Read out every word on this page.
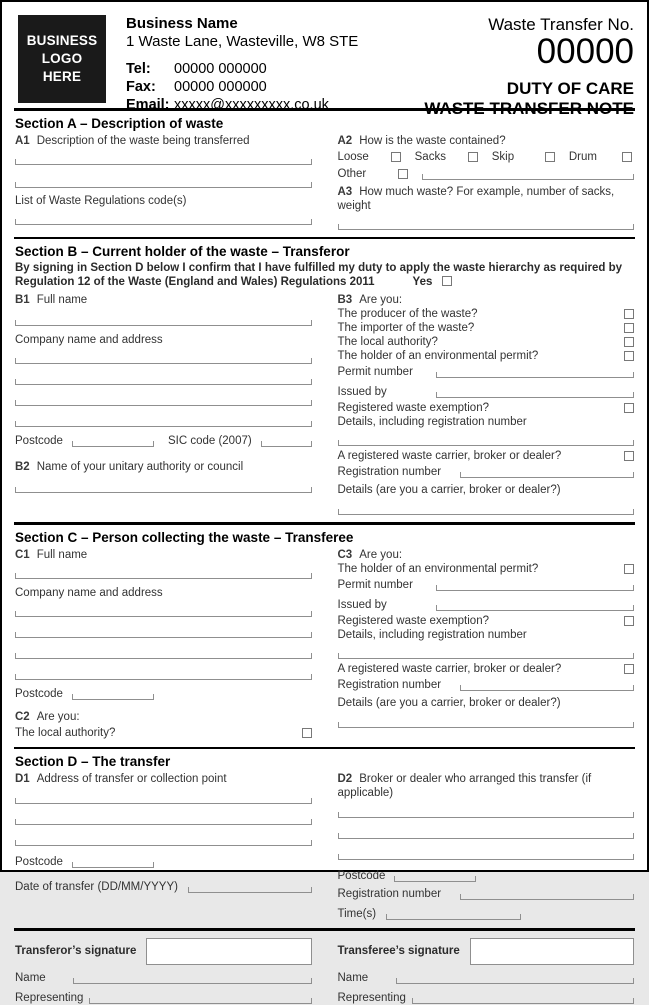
BUSINESS
LOGO
HERE
Business Name
1 Waste Lane, Wasteville, W8 STE
Tel:	00000 000000
Fax:	00000 000000
Email: xxxxx@xxxxxxxxx.co.uk
Waste Transfer No.
00000
DUTY OF CARE
WASTE TRANSFER NOTE
Section A – Description of waste
A1 Description of the waste being transferred
List of Waste Regulations code(s)
A2 How is the waste contained?
Loose	Sacks	Skip	Drum
Other
A3 How much waste? For example, number of sacks, weight
Section B – Current holder of the waste – Transferor
By signing in Section D below I confirm that I have fulfilled my duty to apply the waste hierarchy as required by Regulation 12 of the Waste (England and Wales) Regulations 2011	Yes
B1 Full name
Company name and address
Postcode	SIC code (2007)
B2 Name of your unitary authority or council
B3 Are you:
The producer of the waste?
The importer of the waste?
The local authority?
The holder of an environmental permit?
Permit number
Issued by
Registered waste exemption?
Details, including registration number
A registered waste carrier, broker or dealer?
Registration number
Details (are you a carrier, broker or dealer?)
Section C – Person collecting the waste – Transferee
C1 Full name
Company name and address
Postcode
C2 Are you:
The local authority?
C3 Are you:
The holder of an environmental permit?
Permit number
Issued by
Registered waste exemption?
Details, including registration number
A registered waste carrier, broker or dealer?
Registration number
Details (are you a carrier, broker or dealer?)
Section D – The transfer
D1 Address of transfer or collection point
Postcode
Date of transfer (DD/MM/YYYY)
D2 Broker or dealer who arranged this transfer (if applicable)
Postcode
Registration number
Time(s)
Transferor’s signature
Name
Representing
Transferee’s signature
Name
Representing
